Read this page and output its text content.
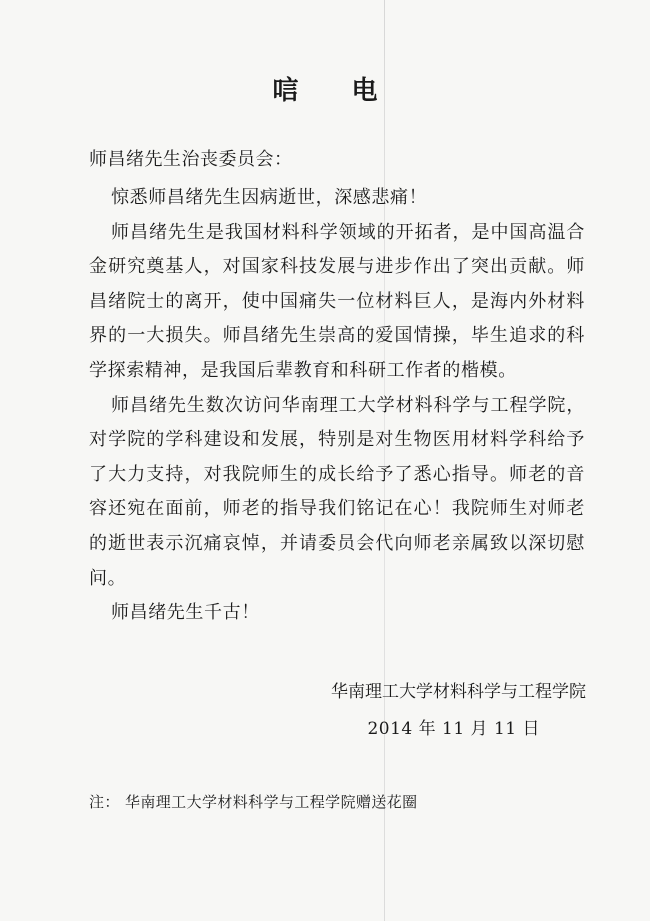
唁 电
师昌绪先生治丧委员会：

惊悉师昌绪先生因病逝世，深感悲痛！

师昌绪先生是我国材料科学领域的开拓者，是中国高温合金研究奠基人，对国家科技发展与进步作出了突出贡献。师昌绪院士的离开，使中国痛失一位材料巨人，是海内外材料界的一大损失。师昌绪先生崇高的爱国情操，毕生追求的科学探索精神，是我国后辈教育和科研工作者的楷模。

师昌绪先生数次访问华南理工大学材料科学与工程学院，对学院的学科建设和发展，特别是对生物医用材料学科给予了大力支持，对我院师生的成长给予了悉心指导。师老的音容还宛在面前，师老的指导我们铭记在心！我院师生对师老的逝世表示沉痛哀悼，并请委员会代向师老亲属致以深切慰问。

师昌绪先生千古！

华南理工大学材料科学与工程学院
2014 年 11 月 11 日
注： 华南理工大学材料科学与工程学院赠送花圈
